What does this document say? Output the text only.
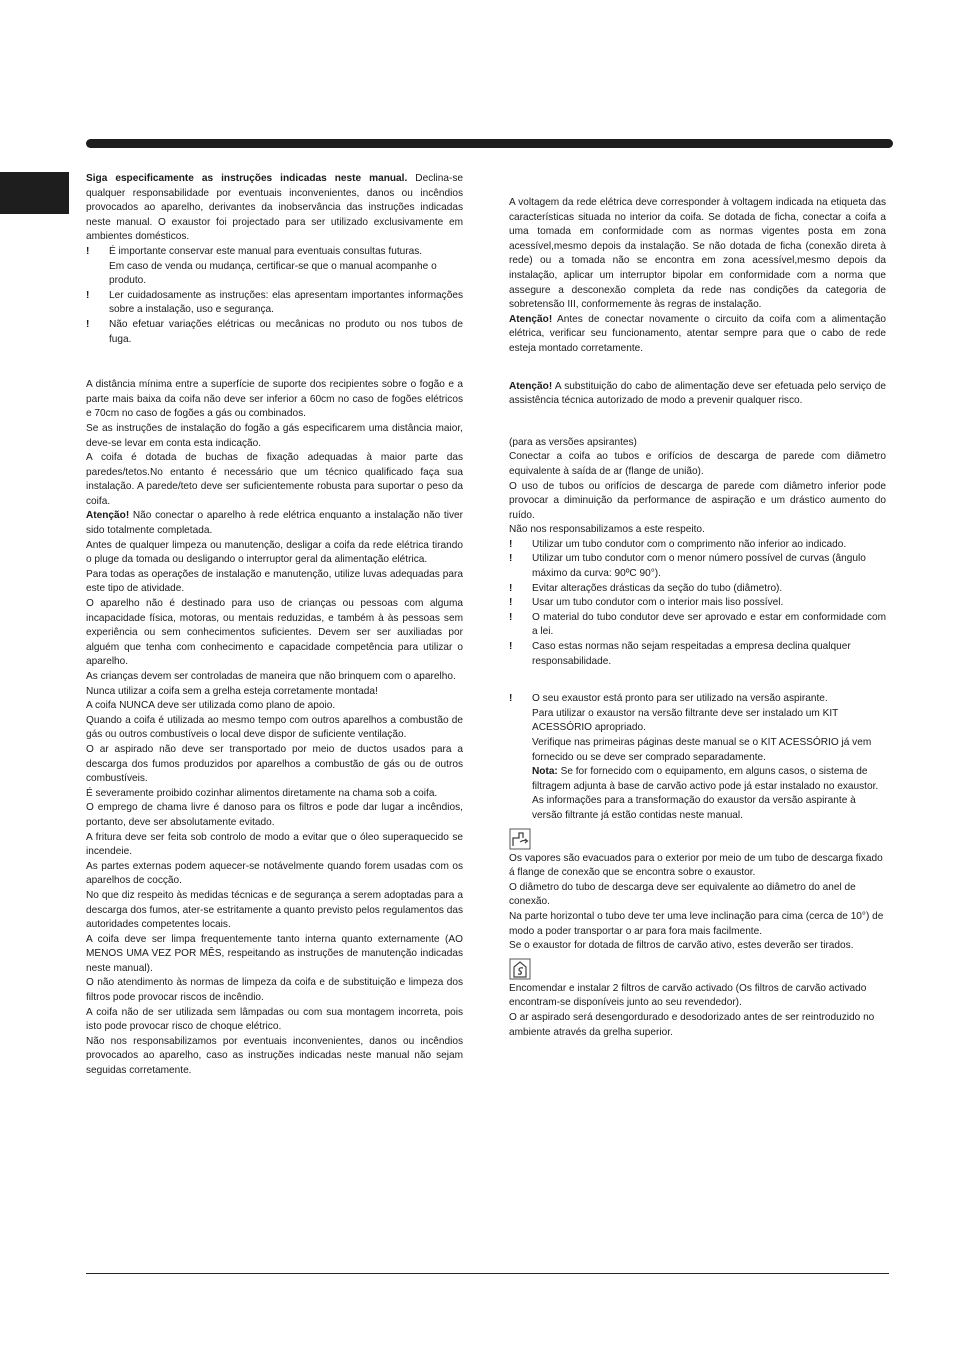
Siga especificamente as instruções indicadas neste manual. Declina-se qualquer responsabilidade por eventuais inconvenientes, danos ou incêndios provocados ao aparelho, derivantes da inobservância das instruções indicadas neste manual. O exaustor foi projectado para ser utilizado exclusivamente em ambientes domésticos.

!	É importante conservar este manual para eventuais consultas futuras.
Em caso de venda ou mudança, certificar-se que o manual acompanhe o produto.
!	Ler cuidadosamente as instruções: elas apresentam importantes informações sobre a instalação, uso e segurança.
!	Não efetuar variações elétricas ou mecânicas no produto ou nos tubos de fuga.

A distância mínima entre a superfície de suporte dos recipientes sobre o fogão e a parte mais baixa da coifa não deve ser inferior a 60cm no caso de fogões elétricos e 70cm no caso de fogões a gás ou combinados.

Se as instruções de instalação do fogão a gás especificarem uma distância maior, deve-se levar em conta esta indicação.

A coifa é dotada de buchas de fixação adequadas à maior parte das paredes/tetos.No entanto é necessário que um técnico qualificado faça sua instalação. A parede/teto deve ser suficientemente robusta para suportar o peso da coifa.

Atenção! Não conectar o aparelho à rede elétrica enquanto a instalação não tiver sido totalmente completada.

Antes de qualquer limpeza ou manutenção, desligar a coifa da rede elétrica tirando o pluge da tomada ou desligando o interruptor geral da alimentação elétrica.

Para todas as operações de instalação e manutenção, utilize luvas adequadas para este tipo de atividade.

O aparelho não é destinado para uso de crianças ou pessoas com alguma incapacidade física, motoras, ou mentais reduzidas, e também à às pessoas sem experiência ou sem conhecimentos suficientes. Devem ser ser auxiliadas por alguém que tenha com conhecimento e capacidade competência para utilizar o aparelho.

As crianças devem ser controladas de maneira que não brinquem com o aparelho.

Nunca utilizar a coifa sem a grelha esteja corretamente montada!

A coifa NUNCA deve ser utilizada como plano de apoio.

Quando a coifa é utilizada ao mesmo tempo com outros aparelhos a combustão de gás ou outros combustíveis o local deve dispor de suficiente ventilação.

O ar aspirado não deve ser transportado por meio de ductos usados para a descarga dos fumos produzidos por aparelhos a combustão de gás ou de outros combustíveis.

É severamente proibido cozinhar alimentos diretamente na chama sob a coifa.

O emprego de chama livre é danoso para os filtros e pode dar lugar a incêndios, portanto, deve ser absolutamente evitado.

A fritura deve ser feita sob controlo de modo a evitar que o óleo superaquecido se incendeie.

As partes externas podem aquecer-se notávelmente quando forem usadas com os aparelhos de cocção.

No que diz respeito às medidas técnicas e de segurança a serem adoptadas para a descarga dos fumos, ater-se estritamente a quanto previsto pelos regulamentos das autoridades competentes locais.

A coifa deve ser limpa frequentemente tanto interna quanto externamente (AO MENOS UMA VEZ POR MÊS, respeitando as instruções de manutenção indicadas neste manual).

O não atendimento às normas de limpeza da coifa e de substituição e limpeza dos filtros pode provocar riscos de incêndio.

A coifa não de ser utilizada sem lâmpadas ou com sua montagem incorreta, pois isto pode provocar risco de choque elétrico.

Não nos responsabilizamos por eventuais inconvenientes, danos ou incêndios provocados ao aparelho, caso as instruções indicadas neste manual não sejam seguidas corretamente.

A voltagem da rede elétrica deve corresponder à voltagem indicada na etiqueta das características situada no interior da coifa. Se dotada de ficha, conectar a coifa a uma tomada em conformidade com as normas vigentes posta em zona acessível,mesmo depois da instalação. Se não dotada de ficha (conexão direta à rede) ou a tomada não se encontra em zona acessível,mesmo depois da instalação, aplicar um interruptor bipolar em conformidade com a norma que assegure a desconexão completa da rede nas condições da categoria de sobretensão III, conformemente às regras de instalação.

Atenção! Antes de conectar novamente o circuito da coifa com a alimentação elétrica, verificar seu funcionamento, atentar sempre para que o cabo de rede esteja montado corretamente.

Atenção! A substituição do cabo de alimentação deve ser efetuada pelo serviço de assistência técnica autorizado de modo a prevenir qualquer risco.

(para as versões apsirantes)

Conectar a coifa ao tubos e orifícios de descarga de parede com diâmetro equivalente à saída de ar (flange de união).

O uso de tubos ou orifícios de descarga de parede com diâmetro inferior pode provocar a diminuição da performance de aspiração e um drástico aumento do ruído.

Não nos responsabilizamos a este respeito.

!	Utilizar um tubo condutor com o comprimento não inferior ao indicado.
!	Utilizar um tubo condutor com o menor número possível de curvas (ângulo máximo da curva: 90ºC 90°).
!	Evitar alterações drásticas da seção do tubo (diâmetro).
!	Usar um tubo condutor com o interior mais liso possível.
!	O material do tubo condutor deve ser aprovado e estar em conformidade com a lei.
!	Caso estas normas não sejam respeitadas a empresa declina qualquer responsabilidade.
!	O seu exaustor está pronto para ser utilizado na versão aspirante.

Para utilizar o exaustor na versão filtrante deve ser instalado um KIT ACESSÓRIO apropriado.

Verifique nas primeiras páginas deste manual se o KIT ACESSÓRIO já vem fornecido ou se deve ser comprado separadamente.

Nota: Se for fornecido com o equipamento, em alguns casos, o sistema de filtragem adjunta à base de carvão activo pode já estar instalado no exaustor.

As informações para a transformação do exaustor da versão aspirante à versão filtrante já estão contidas neste manual.

Os vapores são evacuados para o exterior por meio de um tubo de descarga fixado á flange de conexão que se encontra sobre o exaustor.

O diâmetro do tubo de descarga deve ser equivalente ao diâmetro do anel de conexão.

Na parte horizontal o tubo deve ter uma leve inclinação para cima (cerca de 10°) de modo a poder transportar o ar para fora mais facilmente.

Se o exaustor for dotada de filtros de carvão ativo, estes deverão ser tirados.

Encomendar e instalar 2 filtros de carvão activado (Os filtros de carvão activado encontram-se disponíveis junto ao seu revendedor).

O ar aspirado será desengordurado e desodorizado antes de ser reintroduzido no ambiente através da grelha superior.
